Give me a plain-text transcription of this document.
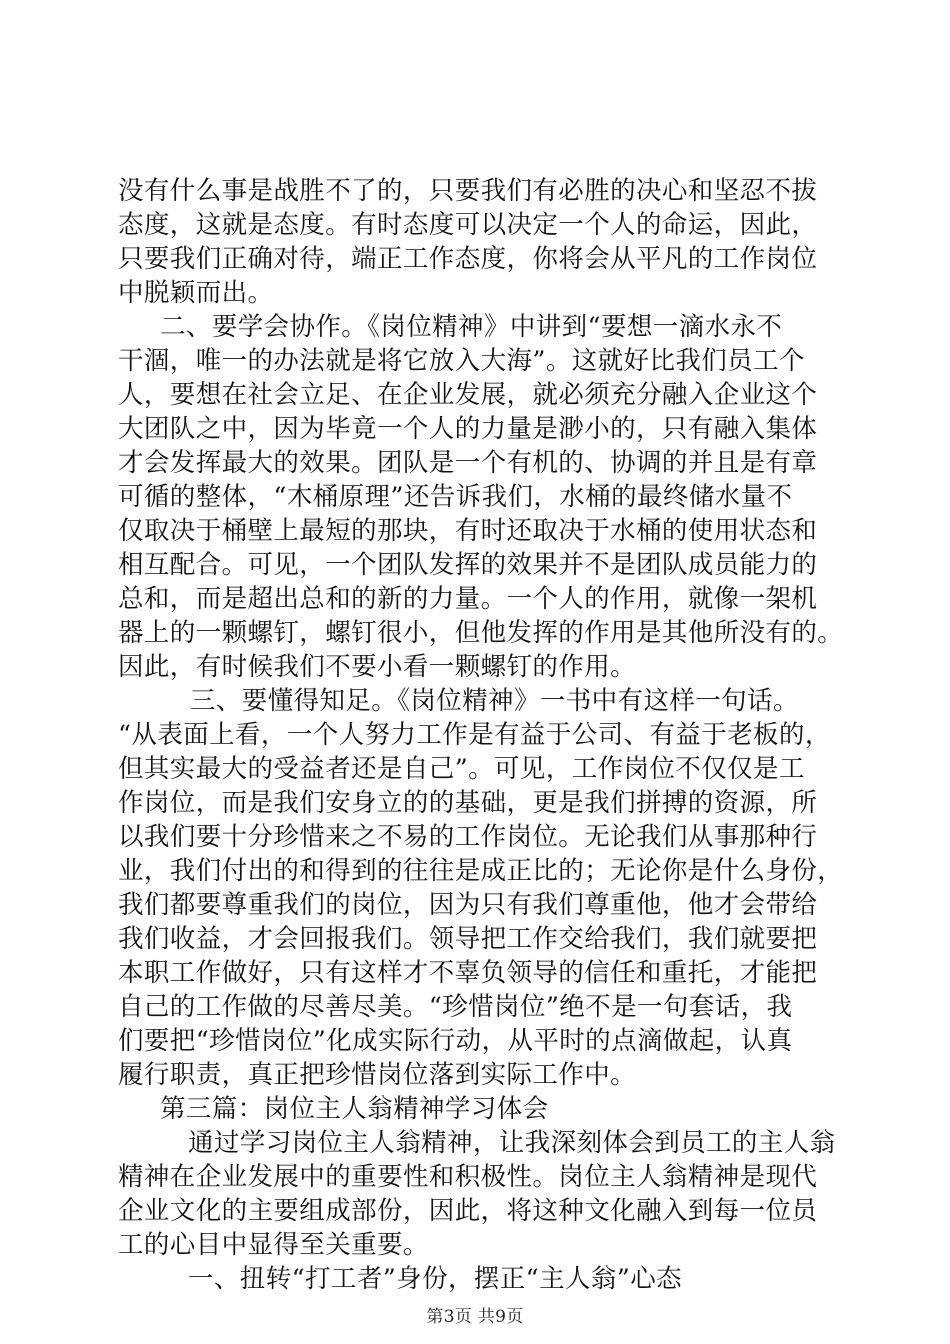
没有什么事是战胜不了的，只要我们有必胜的决心和坚忍不拔
态度，这就是态度。有时态度可以决定一个人的命运，因此，
只要我们正确对待，端正工作态度，你将会从平凡的工作岗位
中脱颖而出。
二、要学会协作。《岗位精神》中讲到“要想一滴水永不
干涸，唯一的办法就是将它放入大海”。这就好比我们员工个
人，要想在社会立足、在企业发展，就必须充分融入企业这个
大团队之中，因为毕竟一个人的力量是渺小的，只有融入集体
才会发挥最大的效果。团队是一个有机的、协调的并且是有章
可循的整体，“木桶原理”还告诉我们，水桶的最终储水量不
仅取决于桶壁上最短的那块，有时还取决于水桶的使用状态和
相互配合。可见，一个团队发挥的效果并不是团队成员能力的
总和，而是超出总和的新的力量。一个人的作用，就像一架机
器上的一颗螺钉，螺钉很小，但他发挥的作用是其他所没有的。
因此，有时候我们不要小看一颗螺钉的作用。
三、要懂得知足。《岗位精神》一书中有这样一句话。
“从表面上看，一个人努力工作是有益于公司、有益于老板的，
但其实最大的受益者还是自己”。可见，工作岗位不仅仅是工
作岗位，而是我们安身立的的基础，更是我们拼搏的资源，所
以我们要十分珍惜来之不易的工作岗位。无论我们从事那种行
业，我们付出的和得到的往往是成正比的；无论你是什么身份，
我们都要尊重我们的岗位，因为只有我们尊重他，他才会带给
我们收益，才会回报我们。领导把工作交给我们，我们就要把
本职工作做好，只有这样才不辜负领导的信任和重托，才能把
自己的工作做的尽善尽美。“珍惜岗位”绝不是一句套话，我
们要把“珍惜岗位”化成实际行动，从平时的点滴做起，认真
履行职责，真正把珍惜岗位落到实际工作中。
第三篇：岗位主人翁精神学习体会
通过学习岗位主人翁精神，让我深刻体会到员工的主人翁
精神在企业发展中的重要性和积极性。岗位主人翁精神是现代
企业文化的主要组成部份，因此，将这种文化融入到每一位员
工的心目中显得至关重要。
一、扭转“打工者”身份，摆正“主人翁”心态
第3页 共9页
